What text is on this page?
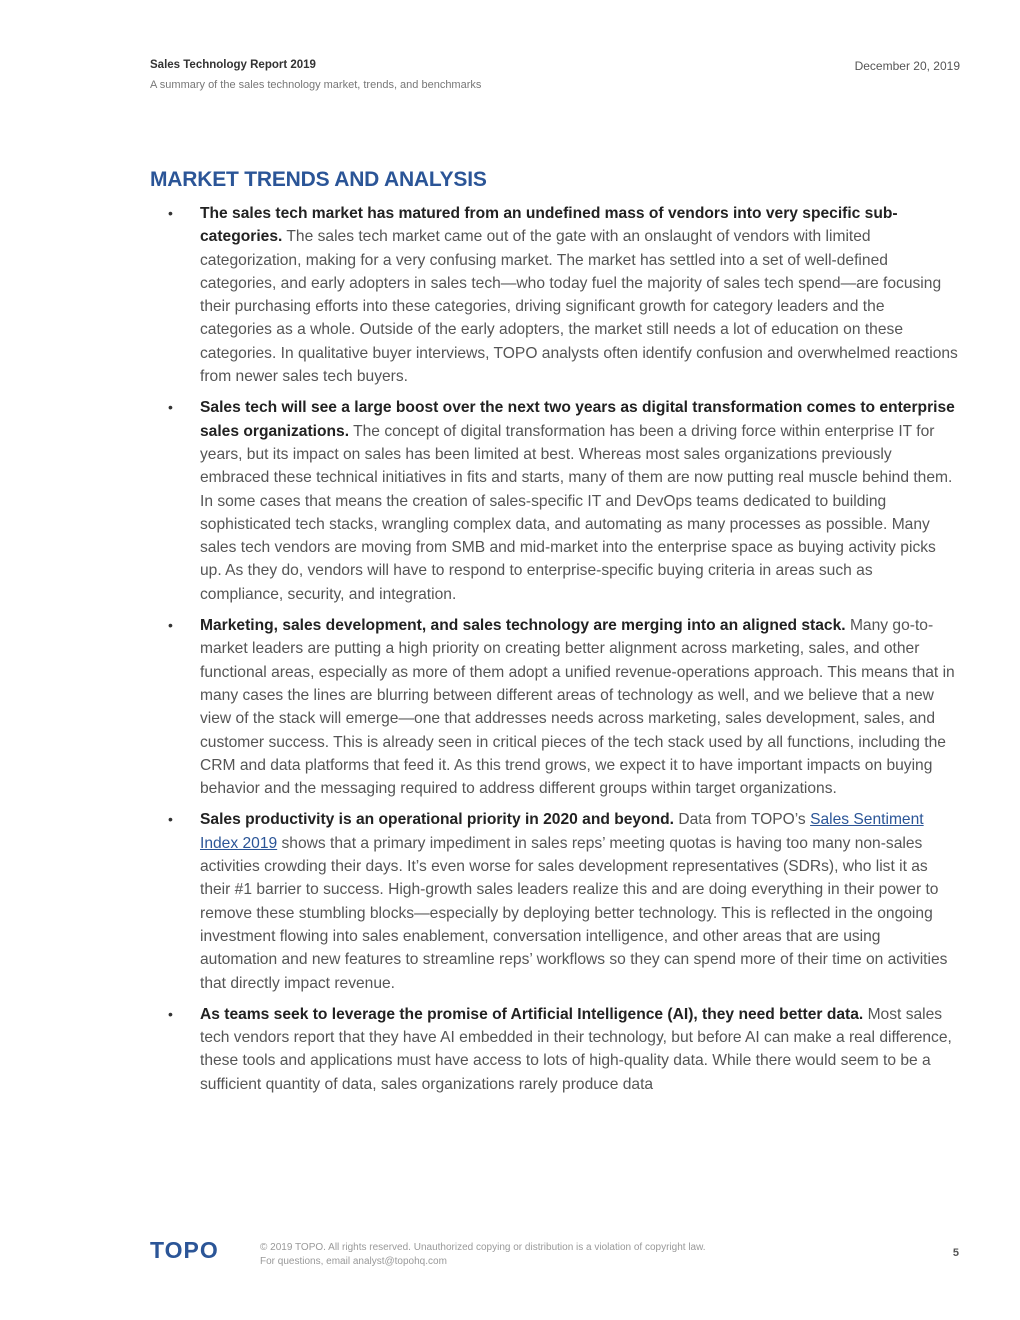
Sales Technology Report 2019
A summary of the sales technology market, trends, and benchmarks
December 20, 2019
MARKET TRENDS AND ANALYSIS
• The sales tech market has matured from an undefined mass of vendors into very specific sub-categories. The sales tech market came out of the gate with an onslaught of vendors with limited categorization, making for a very confusing market. The market has settled into a set of well-defined categories, and early adopters in sales tech—who today fuel the majority of sales tech spend—are focusing their purchasing efforts into these categories, driving significant growth for category leaders and the categories as a whole. Outside of the early adopters, the market still needs a lot of education on these categories. In qualitative buyer interviews, TOPO analysts often identify confusion and overwhelmed reactions from newer sales tech buyers.
• Sales tech will see a large boost over the next two years as digital transformation comes to enterprise sales organizations. The concept of digital transformation has been a driving force within enterprise IT for years, but its impact on sales has been limited at best. Whereas most sales organizations previously embraced these technical initiatives in fits and starts, many of them are now putting real muscle behind them. In some cases that means the creation of sales-specific IT and DevOps teams dedicated to building sophisticated tech stacks, wrangling complex data, and automating as many processes as possible. Many sales tech vendors are moving from SMB and mid-market into the enterprise space as buying activity picks up. As they do, vendors will have to respond to enterprise-specific buying criteria in areas such as compliance, security, and integration.
• Marketing, sales development, and sales technology are merging into an aligned stack. Many go-to-market leaders are putting a high priority on creating better alignment across marketing, sales, and other functional areas, especially as more of them adopt a unified revenue-operations approach. This means that in many cases the lines are blurring between different areas of technology as well, and we believe that a new view of the stack will emerge—one that addresses needs across marketing, sales development, sales, and customer success. This is already seen in critical pieces of the tech stack used by all functions, including the CRM and data platforms that feed it. As this trend grows, we expect it to have important impacts on buying behavior and the messaging required to address different groups within target organizations.
• Sales productivity is an operational priority in 2020 and beyond. Data from TOPO’s Sales Sentiment Index 2019 shows that a primary impediment in sales reps’ meeting quotas is having too many non-sales activities crowding their days. It’s even worse for sales development representatives (SDRs), who list it as their #1 barrier to success. High-growth sales leaders realize this and are doing everything in their power to remove these stumbling blocks—especially by deploying better technology. This is reflected in the ongoing investment flowing into sales enablement, conversation intelligence, and other areas that are using automation and new features to streamline reps’ workflows so they can spend more of their time on activities that directly impact revenue.
• As teams seek to leverage the promise of Artificial Intelligence (AI), they need better data. Most sales tech vendors report that they have AI embedded in their technology, but before AI can make a real difference, these tools and applications must have access to lots of high-quality data. While there would seem to be a sufficient quantity of data, sales organizations rarely produce data
TOPO	© 2019 TOPO. All rights reserved. Unauthorized copying or distribution is a violation of copyright law.
For questions, email analyst@topohq.com
5
